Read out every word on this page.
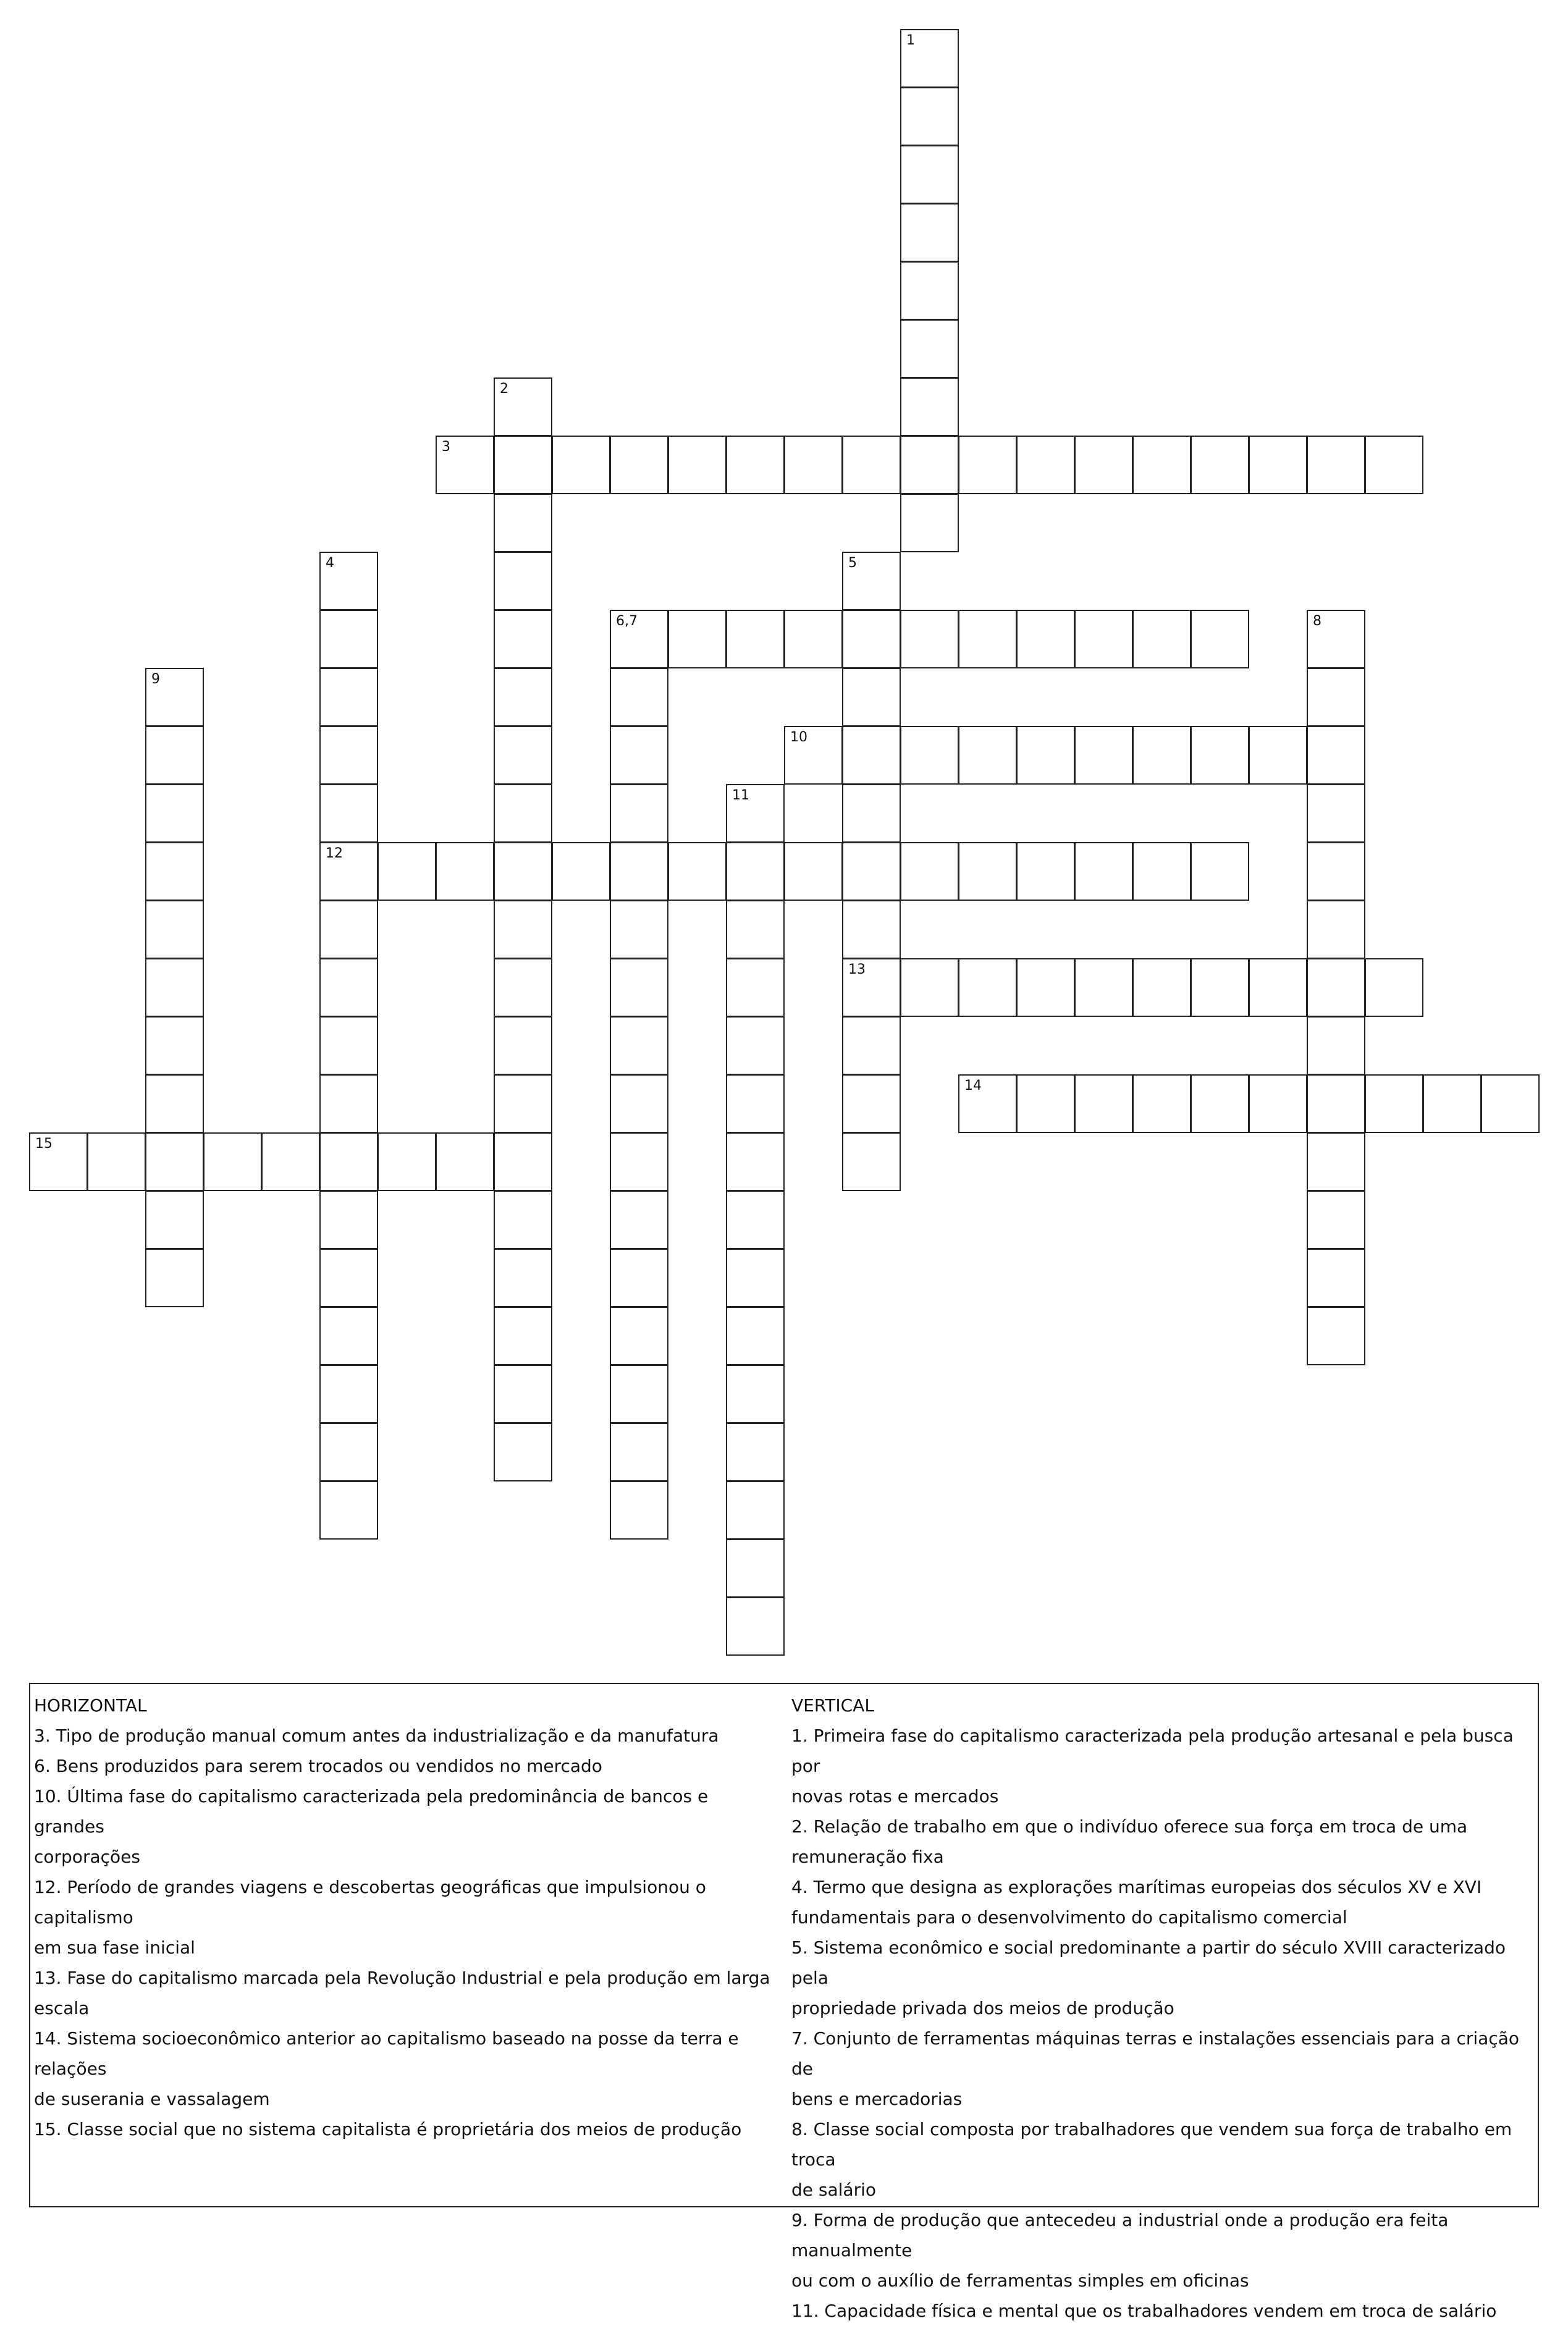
1
2
3
4
12
5
13
6,7	8
9
10
11
14
15
HORIZONTAL
3. Tipo de produção manual comum antes da industrialização e da manufatura
6. Bens produzidos para serem trocados ou vendidos no mercado
10. Última fase do capitalismo caracterizada pela predominância de bancos e grandes
corporações
12. Período de grandes viagens e descobertas geográficas que impulsionou o capitalismo
em sua fase inicial
13. Fase do capitalismo marcada pela Revolução Industrial e pela produção em larga
escala
14. Sistema socioeconômico anterior ao capitalismo baseado na posse da terra e relações
de suserania e vassalagem
15. Classe social que no sistema capitalista é proprietária dos meios de produção
VERTICAL
1. Primeira fase do capitalismo caracterizada pela produção artesanal e pela busca por
novas rotas e mercados
2. Relação de trabalho em que o indivíduo oferece sua força em troca de uma
remuneração fixa
4. Termo que designa as explorações marítimas europeias dos séculos XV e XVI
fundamentais para o desenvolvimento do capitalismo comercial
5. Sistema econômico e social predominante a partir do século XVIII caracterizado pela
propriedade privada dos meios de produção
7. Conjunto de ferramentas máquinas terras e instalações essenciais para a criação de
bens e mercadorias
8. Classe social composta por trabalhadores que vendem sua força de trabalho em troca
de salário
9. Forma de produção que antecedeu a industrial onde a produção era feita manualmente
ou com o auxílio de ferramentas simples em oficinas
11. Capacidade física e mental que os trabalhadores vendem em troca de salário
